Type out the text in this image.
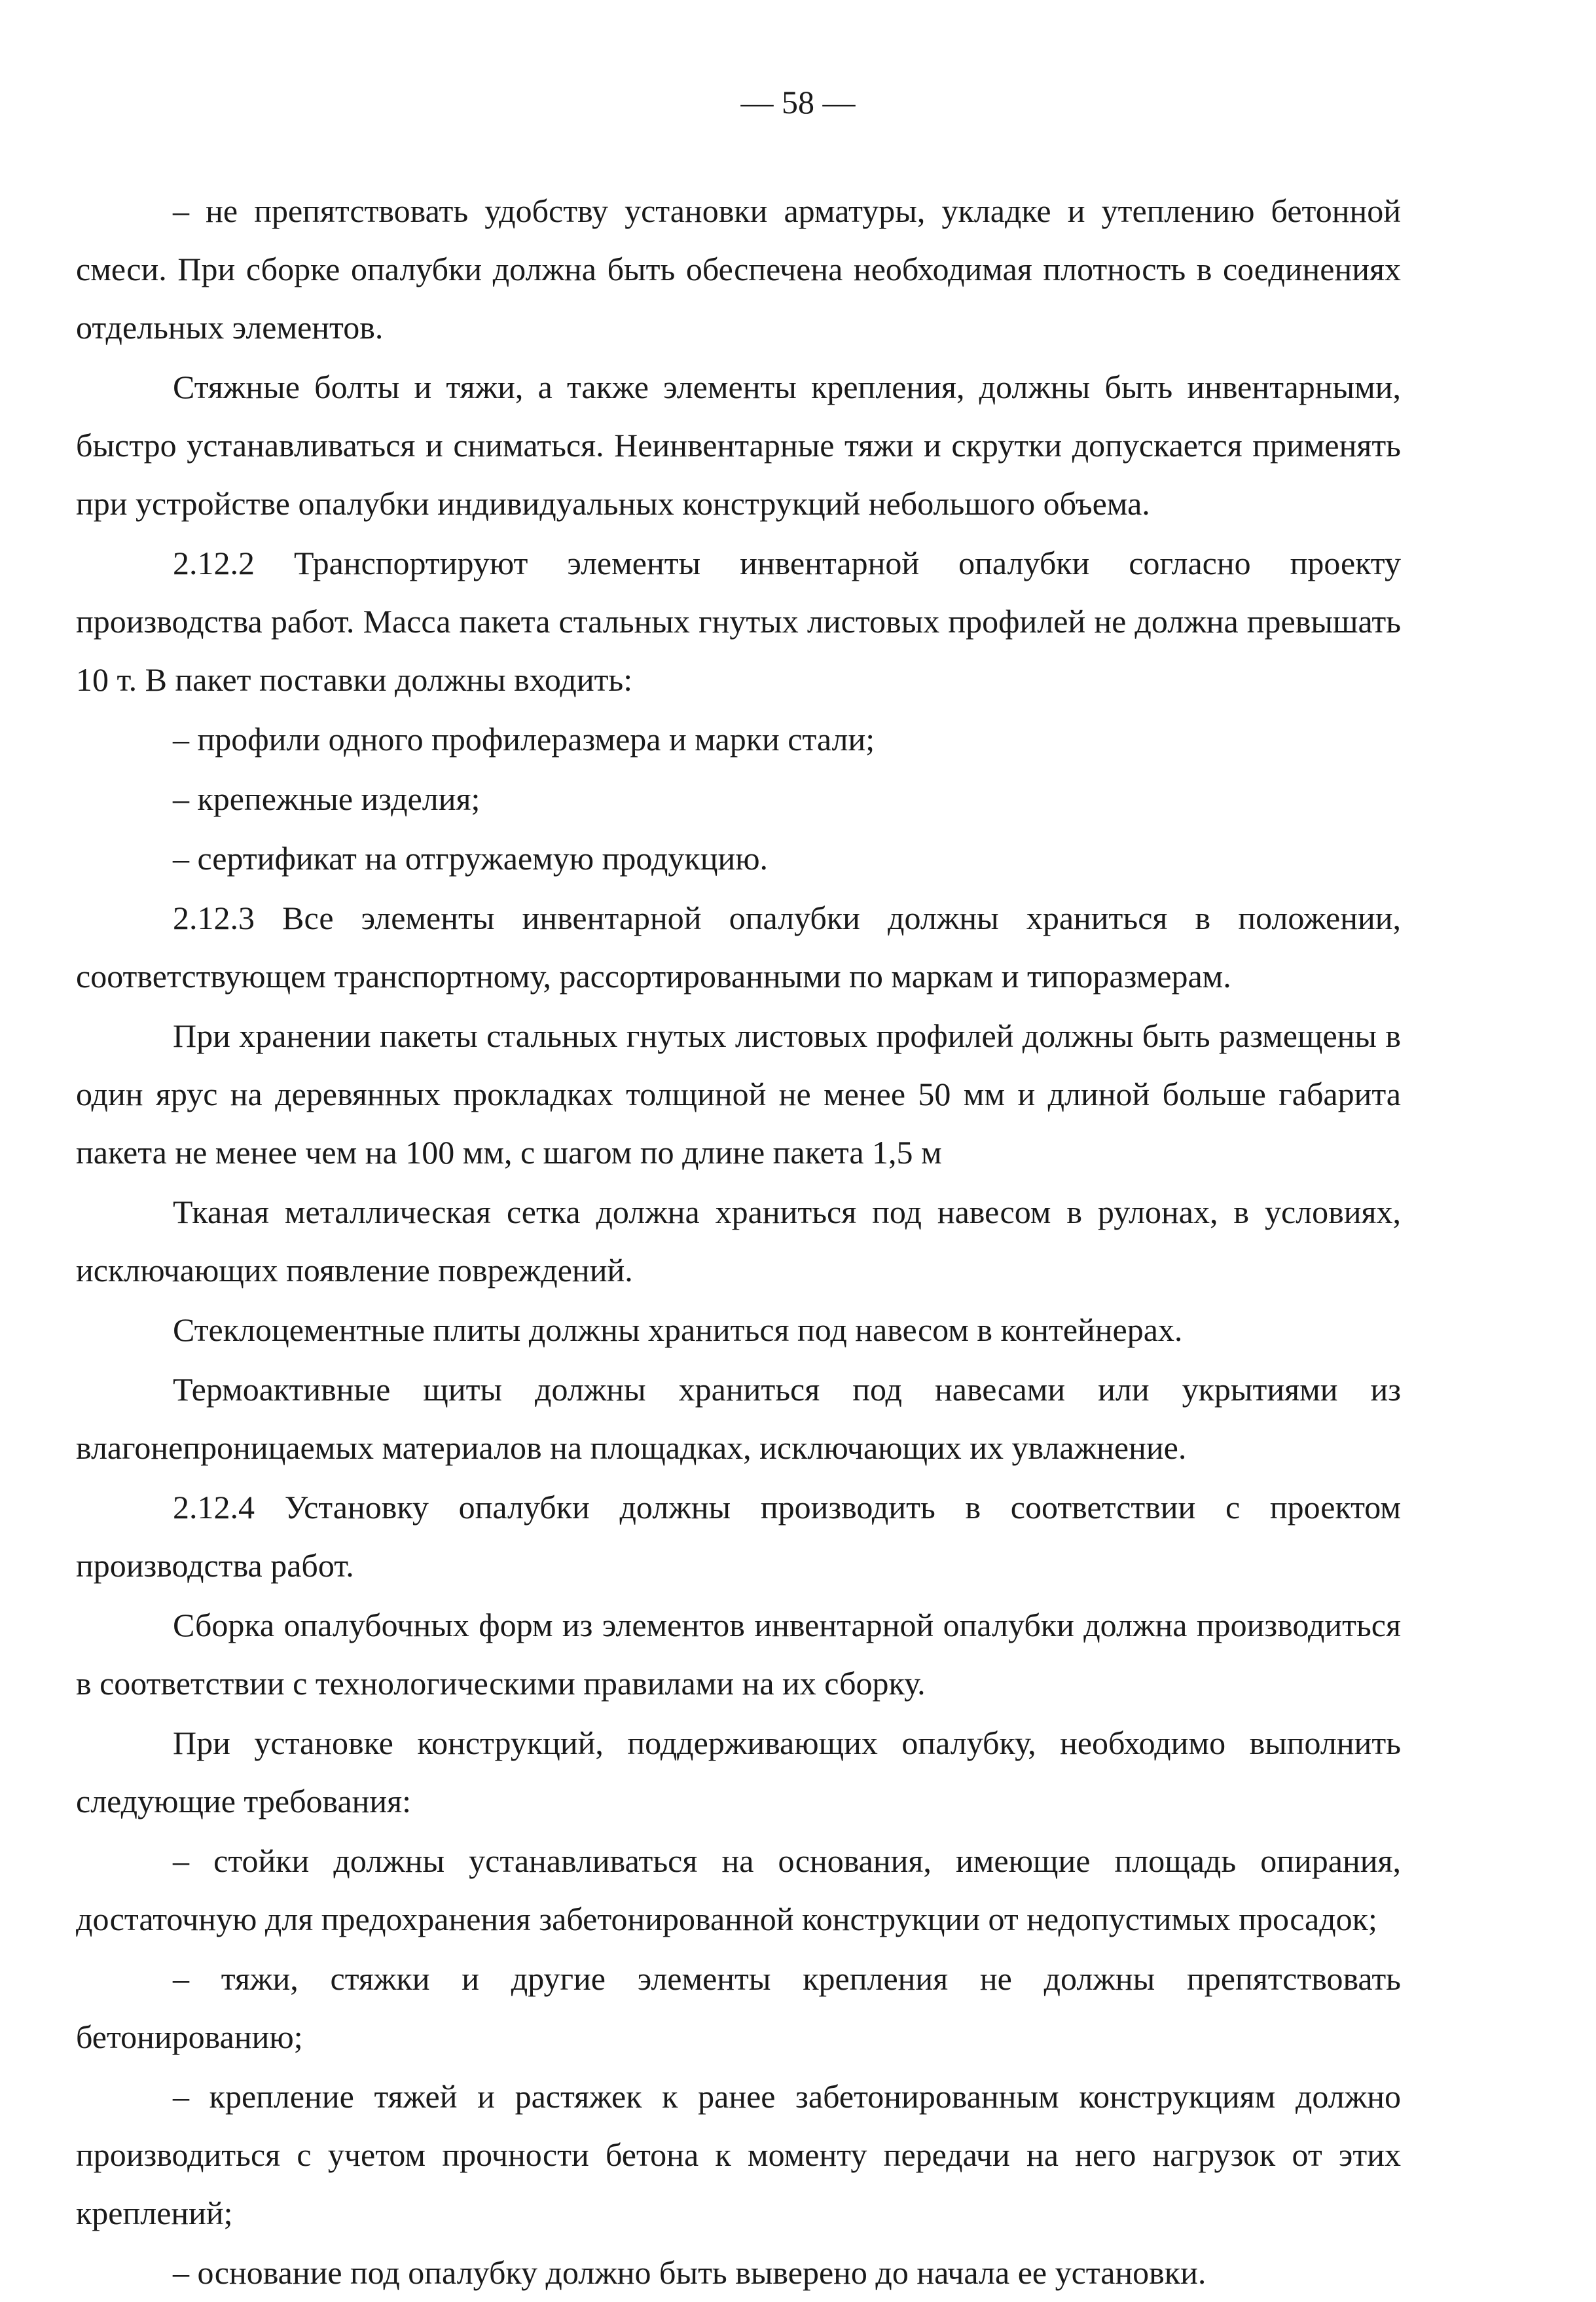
— 58 —

– не препятствовать удобству установки арматуры, укладке и утеплению бетонной смеси. При сборке опалубки должна быть обеспечена необходимая плотность в соединениях отдельных элементов.

Стяжные болты и тяжи, а также элементы крепления, должны быть инвентарными, быстро устанавливаться и сниматься. Неинвентарные тяжи и скрутки допускается применять при устройстве опалубки индивидуальных конструкций небольшого объема.

2.12.2 Транспортируют элементы инвентарной опалубки согласно проекту производства работ. Масса пакета стальных гнутых листовых профилей не должна превышать 10 т. В пакет поставки должны входить:

– профили одного профилеразмера и марки стали;

– крепежные изделия;

– сертификат на отгружаемую продукцию.

2.12.3 Все элементы инвентарной опалубки должны храниться в положении, соответствующем транспортному, рассортированными по маркам и типоразмерам.

При хранении пакеты стальных гнутых листовых профилей должны быть размещены в один ярус на деревянных прокладках толщиной не менее 50 мм и длиной больше габарита пакета не менее чем на 100 мм, с шагом по длине пакета 1,5 м

Тканая металлическая сетка должна храниться под навесом в рулонах, в условиях, исключающих появление повреждений.

Стеклоцементные плиты должны храниться под навесом в контейнерах.

Термоактивные щиты должны храниться под навесами или укрытиями из влагонепроницаемых материалов на площадках, исключающих их увлажнение.

2.12.4 Установку опалубки должны производить в соответствии с проектом производства работ.

Сборка опалубочных форм из элементов инвентарной опалубки должна производиться в соответствии с технологическими правилами на их сборку.

При установке конструкций, поддерживающих опалубку, необходимо выполнить следующие требования:

– стойки должны устанавливаться на основания, имеющие площадь опирания, достаточную для предохранения забетонированной конструкции от недопустимых просадок;

– тяжи, стяжки и другие элементы крепления не должны препятствовать бетонированию;

– крепление тяжей и растяжек к ранее забетонированным конструкциям должно производиться с учетом прочности бетона к моменту передачи на него нагрузок от этих креплений;

– основание под опалубку должно быть выверено до начала ее установки.
